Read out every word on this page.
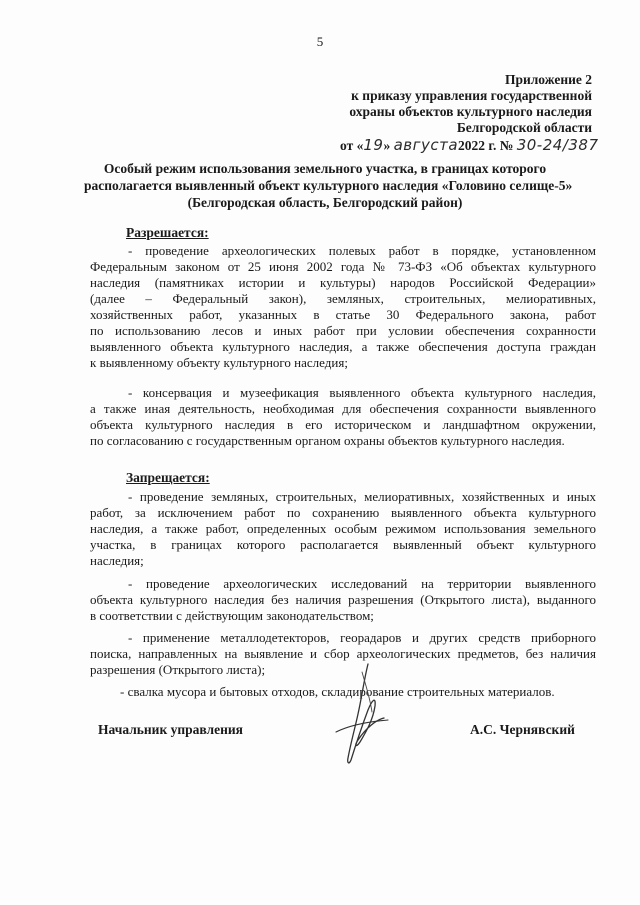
5
Приложение 2
к приказу управления государственной
охраны объектов культурного наследия
Белгородской области
от «19» августа2022 г. № 30-24/387
Особый режим использования земельного участка, в границах которого
располагается выявленный объект культурного наследия «Головино селище-5»
(Белгородская область, Белгородский район)
Разрешается:
- проведение археологических полевых работ в порядке, установленном
Федеральным законом от 25 июня 2002 года № 73-ФЗ «Об объектах культурного
наследия (памятниках истории и культуры) народов Российской Федерации»
(далее – Федеральный закон), земляных, строительных, мелиоративных,
хозяйственных работ, указанных в статье 30 Федерального закона, работ
по использованию лесов и иных работ при условии обеспечения сохранности
выявленного объекта культурного наследия, а также обеспечения доступа граждан
к выявленному объекту культурного наследия;
- консервация и музеефикация выявленного объекта культурного наследия,
а также иная деятельность, необходимая для обеспечения сохранности выявленного
объекта культурного наследия в его историческом и ландшафтном окружении,
по согласованию с государственным органом охраны объектов культурного наследия.
Запрещается:
- проведение земляных, строительных, мелиоративных, хозяйственных и иных
работ, за исключением работ по сохранению выявленного объекта культурного
наследия, а также работ, определенных особым режимом использования земельного
участка, в границах которого располагается выявленный объект культурного
наследия;
- проведение археологических исследований на территории выявленного
объекта культурного наследия без наличия разрешения (Открытого листа), выданного
в соответствии с действующим законодательством;
- применение металлодетекторов, георадаров и других средств приборного
поиска, направленных на выявление и сбор археологических предметов, без наличия
разрешения (Открытого листа);
- свалка мусора и бытовых отходов, складирование строительных материалов.
Начальник управления	А.С. Чернявский
